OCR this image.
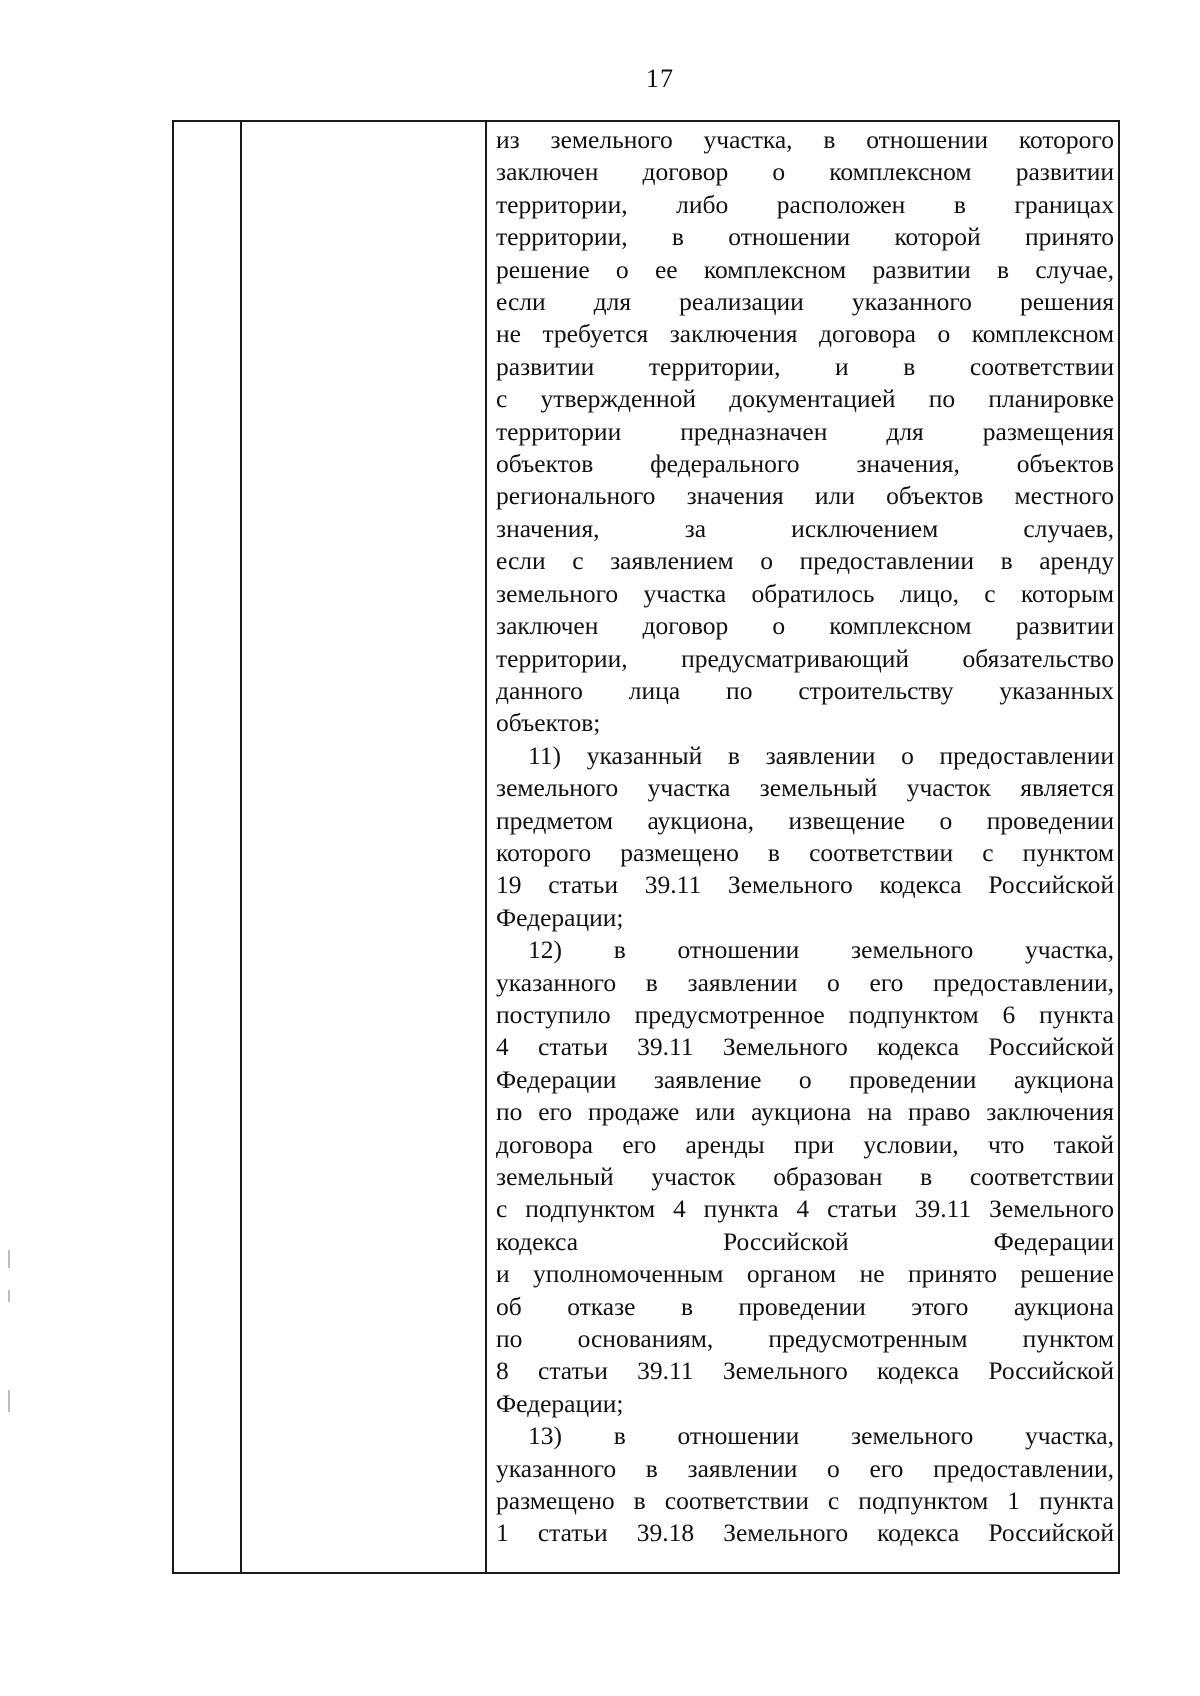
17
из земельного участка, в отношении которого
заключен договор о комплексном развитии
территории, либо расположен в границах
территории, в отношении которой принято
решение о ее комплексном развитии в случае,
если для реализации указанного решения
не требуется заключения договора о комплексном
развитии территории, и в соответствии
с утвержденной документацией по планировке
территории предназначен для размещения
объектов федерального значения, объектов
регионального значения или объектов местного
значения, за исключением случаев,
если с заявлением о предоставлении в аренду
земельного участка обратилось лицо, с которым
заключен договор о комплексном развитии
территории, предусматривающий обязательство
данного лица по строительству указанных
объектов;
11) указанный в заявлении о предоставлении
земельного участка земельный участок является
предметом аукциона, извещение о проведении
которого размещено в соответствии с пунктом
19 статьи 39.11 Земельного кодекса Российской
Федерации;
12) в отношении земельного участка,
указанного в заявлении о его предоставлении,
поступило предусмотренное подпунктом 6 пункта
4 статьи 39.11 Земельного кодекса Российской
Федерации заявление о проведении аукциона
по его продаже или аукциона на право заключения
договора его аренды при условии, что такой
земельный участок образован в соответствии
с подпунктом 4 пункта 4 статьи 39.11 Земельного
кодекса Российской Федерации
и уполномоченным органом не принято решение
об отказе в проведении этого аукциона
по основаниям, предусмотренным пунктом
8 статьи 39.11 Земельного кодекса Российской
Федерации;
13) в отношении земельного участка,
указанного в заявлении о его предоставлении,
размещено в соответствии с подпунктом 1 пункта
1 статьи 39.18 Земельного кодекса Российской
